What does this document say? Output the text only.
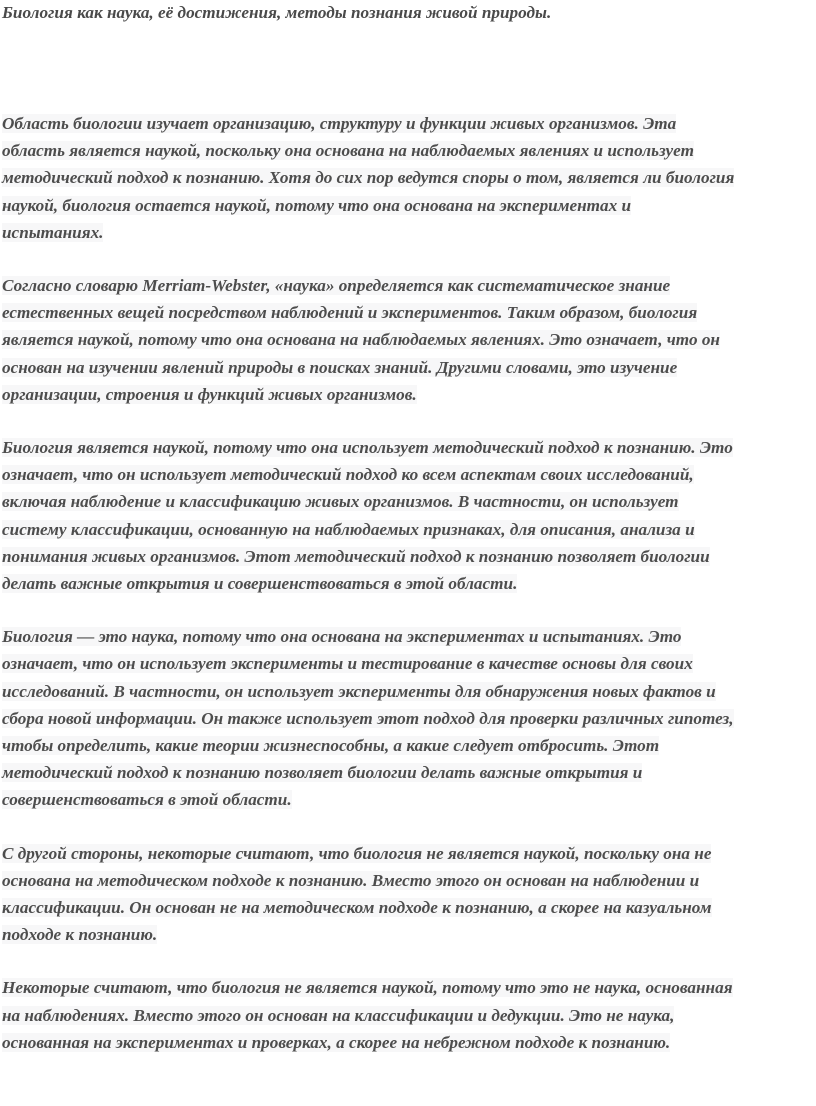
Биология как наука, её достижения, методы познания живой природы.

Область биологии изучает организацию, структуру и функции живых организмов. Эта
область является наукой, поскольку она основана на наблюдаемых явлениях и использует
методический подход к познанию. Хотя до сих пор ведутся споры о том, является ли биология
наукой, биология остается наукой, потому что она основана на экспериментах и
испытаниях.

Согласно словарю Merriam-Webster, «наука» определяется как систематическое знание
естественных вещей посредством наблюдений и экспериментов. Таким образом, биология
является наукой, потому что она основана на наблюдаемых явлениях. Это означает, что он
основан на изучении явлений природы в поисках знаний. Другими словами, это изучение
организации, строения и функций живых организмов.

Биология является наукой, потому что она использует методический подход к познанию. Это
означает, что он использует методический подход ко всем аспектам своих исследований,
включая наблюдение и классификацию живых организмов. В частности, он использует
систему классификации, основанную на наблюдаемых признаках, для описания, анализа и
понимания живых организмов. Этот методический подход к познанию позволяет биологии
делать важные открытия и совершенствоваться в этой области.

Биология — это наука, потому что она основана на экспериментах и испытаниях. Это
означает, что он использует эксперименты и тестирование в качестве основы для своих
исследований. В частности, он использует эксперименты для обнаружения новых фактов и
сбора новой информации. Он также использует этот подход для проверки различных гипотез,
чтобы определить, какие теории жизнеспособны, а какие следует отбросить. Этот
методический подход к познанию позволяет биологии делать важные открытия и
совершенствоваться в этой области.

С другой стороны, некоторые считают, что биология не является наукой, поскольку она не
основана на методическом подходе к познанию. Вместо этого он основан на наблюдении и
классификации. Он основан не на методическом подходе к познанию, а скорее на казуальном
подходе к познанию.

Некоторые считают, что биология не является наукой, потому что это не наука, основанная
на наблюдениях. Вместо этого он основан на классификации и дедукции. Это не наука,
основанная на экспериментах и проверках, а скорее на небрежном подходе к познанию.
